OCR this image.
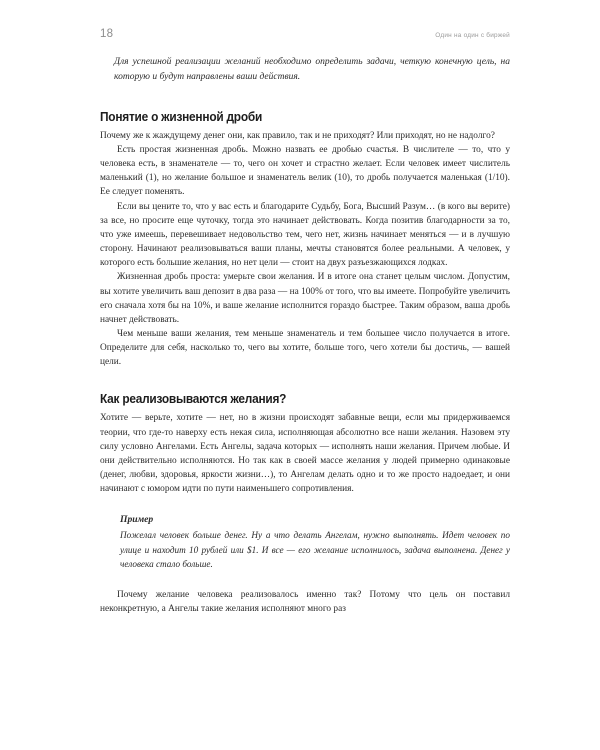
18	Один на один с биржей

Для успешной реализации желаний необходимо определить задачи, четкую конечную цель, на которую и будут направлены ваши действия.

Понятие о жизненной дроби

Почему же к жаждущему денег они, как правило, так и не приходят? Или приходят, но не надолго?

Есть простая жизненная дробь. Можно назвать ее дробью счастья. В числителе — то, что у человека есть, в знаменателе — то, чего он хочет и страстно желает. Если человек имеет числитель маленький (1), но желание большое и знаменатель велик (10), то дробь получается маленькая (1/10). Ее следует поменять.

Если вы цените то, что у вас есть и благодарите Судьбу, Бога, Высший Разум… (в кого вы верите) за все, но просите еще чуточку, тогда это начинает действовать. Когда позитив благодарности за то, что уже имеешь, перевешивает недовольство тем, чего нет, жизнь начинает меняться — и в лучшую сторону. Начинают реализовываться ваши планы, мечты становятся более реальными. А человек, у которого есть большие желания, но нет цели — стоит на двух разъезжающихся лодках.

Жизненная дробь проста: умерьте свои желания. И в итоге она станет целым числом. Допустим, вы хотите увеличить ваш депозит в два раза — на 100% от того, что вы имеете. Попробуйте увеличить его сначала хотя бы на 10%, и ваше желание исполнится гораздо быстрее. Таким образом, ваша дробь начнет действовать.

Чем меньше ваши желания, тем меньше знаменатель и тем большее число получается в итоге. Определите для себя, насколько то, чего вы хотите, больше того, чего хотели бы достичь, — вашей цели.

Как реализовываются желания?

Хотите — верьте, хотите — нет, но в жизни происходят забавные вещи, если мы придерживаемся теории, что где-то наверху есть некая сила, исполняющая абсолютно все наши желания. Назовем эту силу условно Ангелами. Есть Ангелы, задача которых — исполнять наши желания. Причем любые. И они действительно исполняются. Но так как в своей массе желания у людей примерно одинаковые (денег, любви, здоровья, яркости жизни…), то Ангелам делать одно и то же просто надоедает, и они начинают с юмором идти по пути наименьшего сопротивления.

Пример

Пожелал человек больше денег. Ну а что делать Ангелам, нужно выполнять. Идет человек по улице и находит 10 рублей или $1. И все — его желание исполнилось, задача выполнена. Денег у человека стало больше.

Почему желание человека реализовалось именно так? Потому что цель он поставил неконкретную, а Ангелы такие желания исполняют много раз
